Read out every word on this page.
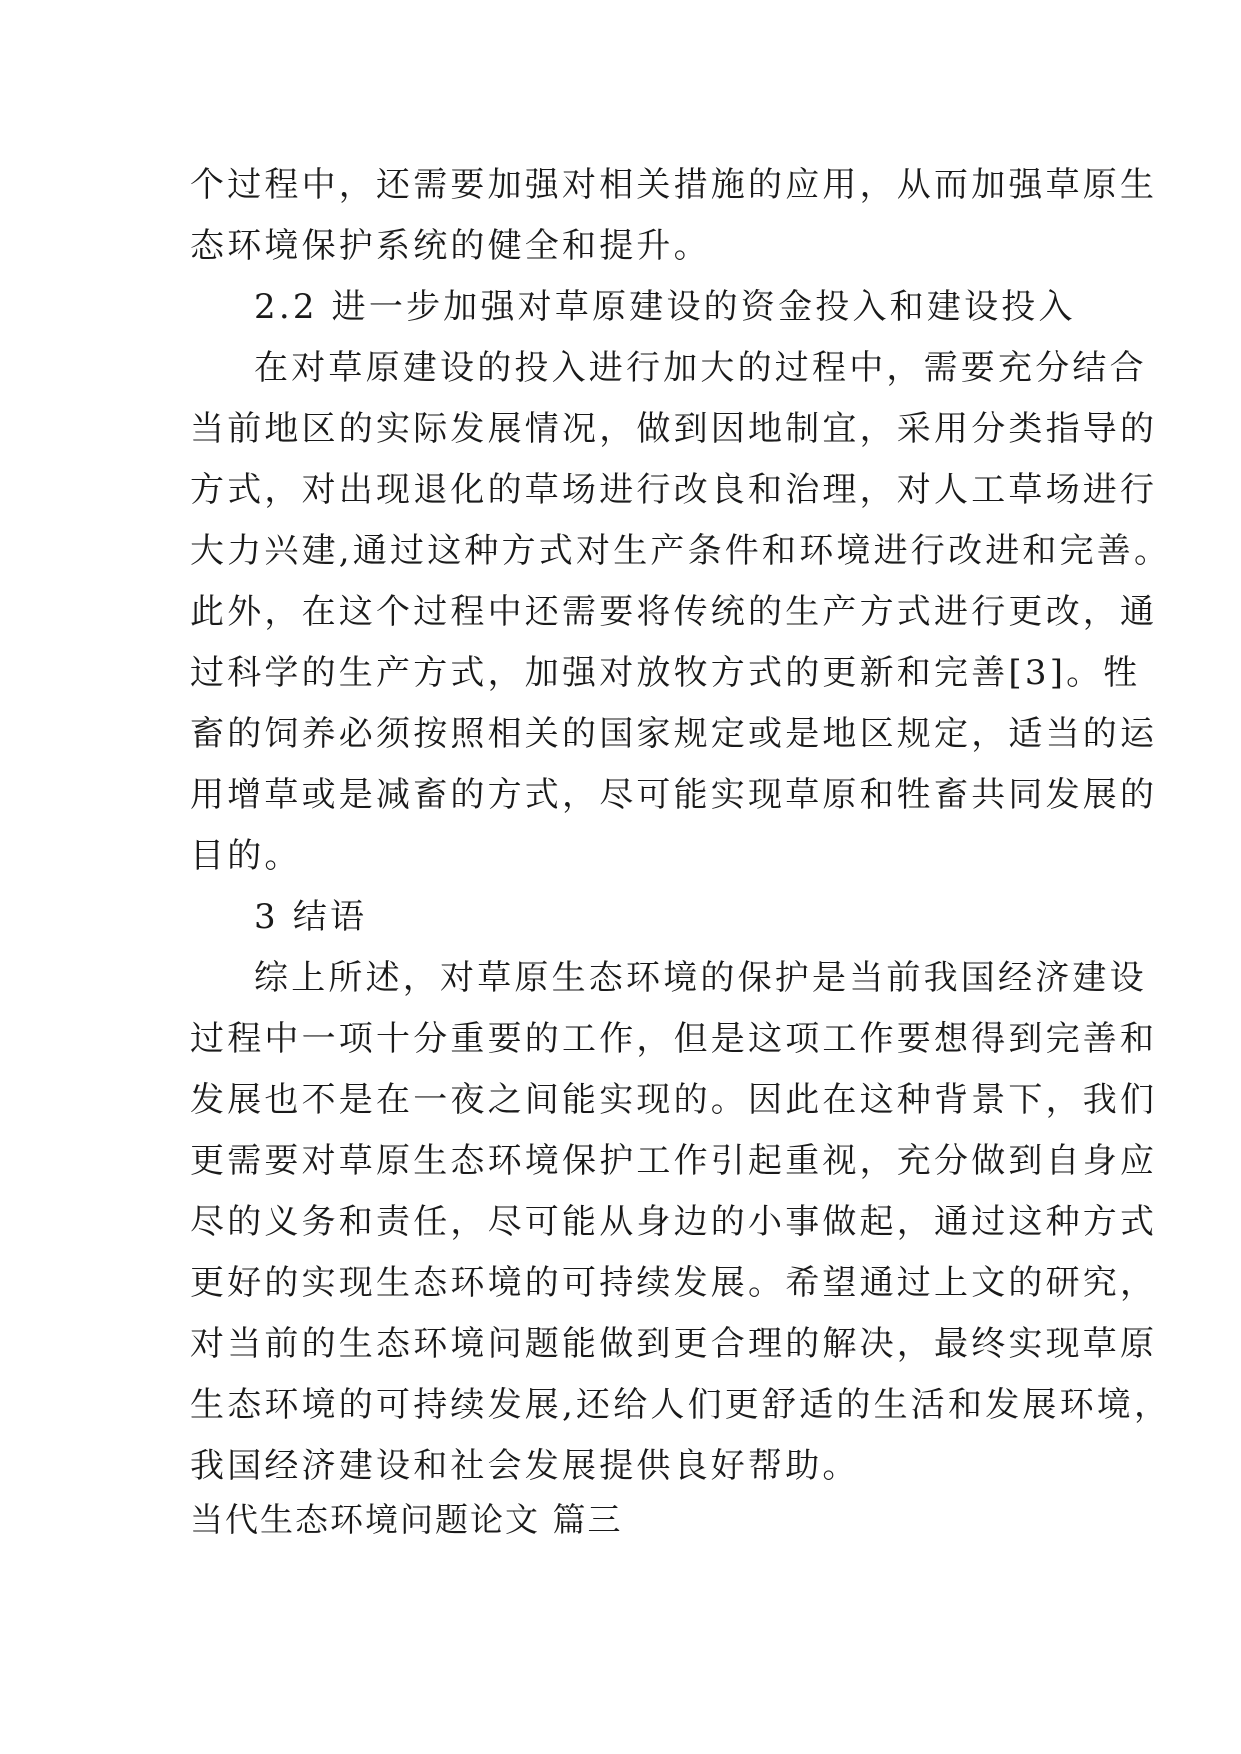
个过程中，还需要加强对相关措施的应用，从而加强草原生
态环境保护系统的健全和提升。
2.2 进一步加强对草原建设的资金投入和建设投入
在对草原建设的投入进行加大的过程中，需要充分结合
当前地区的实际发展情况，做到因地制宜，采用分类指导的
方式，对出现退化的草场进行改良和治理，对人工草场进行
大力兴建,通过这种方式对生产条件和环境进行改进和完善。
此外，在这个过程中还需要将传统的生产方式进行更改，通
过科学的生产方式，加强对放牧方式的更新和完善[3]。牲
畜的饲养必须按照相关的国家规定或是地区规定，适当的运
用增草或是减畜的方式，尽可能实现草原和牲畜共同发展的
目的。
3 结语
综上所述，对草原生态环境的保护是当前我国经济建设
过程中一项十分重要的工作，但是这项工作要想得到完善和
发展也不是在一夜之间能实现的。因此在这种背景下，我们
更需要对草原生态环境保护工作引起重视，充分做到自身应
尽的义务和责任，尽可能从身边的小事做起，通过这种方式
更好的实现生态环境的可持续发展。希望通过上文的研究，
对当前的生态环境问题能做到更合理的解决，最终实现草原
生态环境的可持续发展,还给人们更舒适的生活和发展环境，
我国经济建设和社会发展提供良好帮助。
当代生态环境问题论文 篇三
